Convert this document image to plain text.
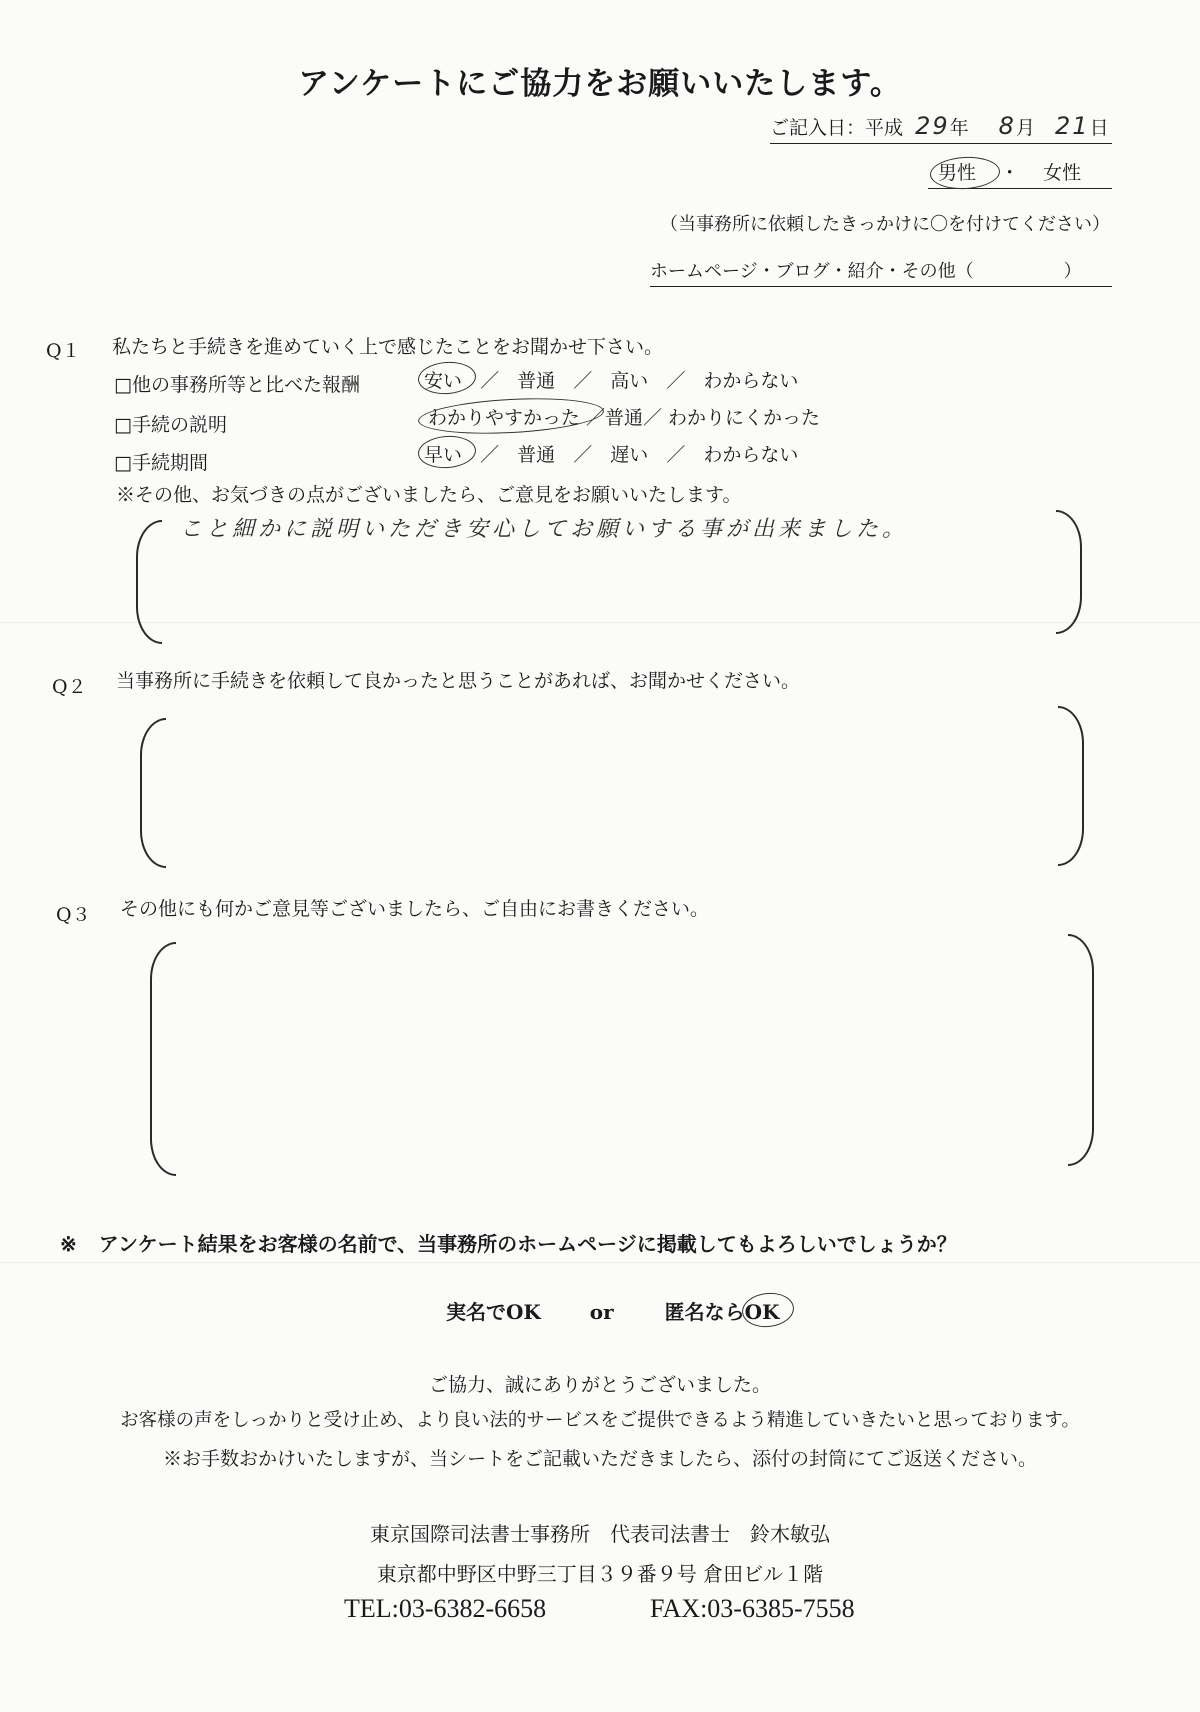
アンケートにご協力をお願いいたします。
ご記入日：平成 29年 8月 21日
男性 ・ 女性
（当事務所に依頼したきっかけに〇を付けてください）
ホームページ・ブログ・紹介・その他（　　　　　）
Q１ 私たちと手続きを進めていく上で感じたことをお聞かせ下さい。
□他の事務所等と比べた報酬	安い ／ 普通 ／ 高い ／ わからない
□手続の説明	わかりやすかった ／普通／ わかりにくかった
□手続期間	早い ／ 普通 ／ 遅い ／ わからない
※その他、お気づきの点がございましたら、ご意見をお願いいたします。
こと細かに説明いただき安心してお願いする事が出来ました。
Q２ 当事務所に手続きを依頼して良かったと思うことがあれば、お聞かせください。
Q３ その他にも何かご意見等ございましたら、ご自由にお書きください。
※ アンケート結果をお客様の名前で、当事務所のホームページに掲載してもよろしいでしょうか？
実名でOK or	匿名ならOK
ご協力、誠にありがとうございました。
お客様の声をしっかりと受け止め、より良い法的サービスをご提供できるよう精進していきたいと思っております。
※お手数おかけいたしますが、当シートをご記載いただきましたら、添付の封筒にてご返送ください。
東京国際司法書士事務所　代表司法書士　鈴木敏弘
東京都中野区中野三丁目３９番９号 倉田ビル１階
TEL:03-6382-6658	FAX:03-6385-7558
